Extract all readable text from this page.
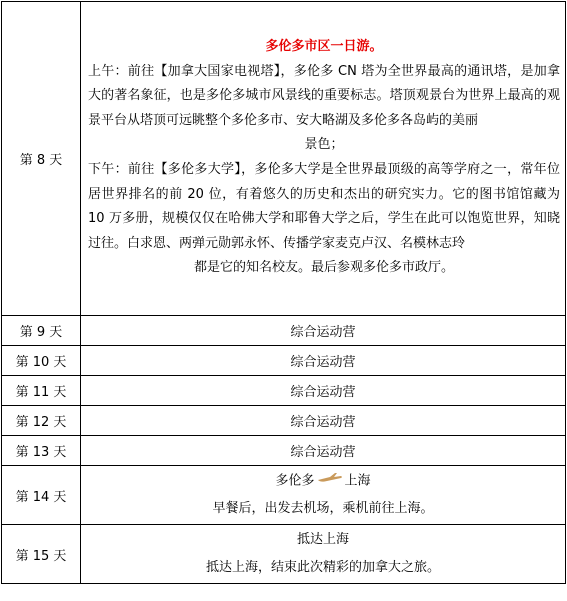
第 8 天	多伦多市区一日游。

上午：前往【加拿大国家电视塔】，多伦多 CN 塔为全世界最高的通讯塔，是加拿大的著名象征，也是多伦多城市风景线的重要标志。塔顶观景台为世界上最高的观景平台从塔顶可远眺整个多伦多市、安大略湖及多伦多各岛屿的美丽

景色；

下午：前往【多伦多大学】，多伦多大学是全世界最顶级的高等学府之一，常年位居世界排名的前 20 位，有着悠久的历史和杰出的研究实力。它的图书馆馆藏为 10 万多册，规模仅仅在哈佛大学和耶鲁大学之后，学生在此可以饱览世界，知晓过往。白求恩、两弹元勋郭永怀、传播学家麦克卢汉、名模林志玲

都是它的知名校友。最后参观多伦多市政厅。

第 9 天	综合运动营
第 10 天	综合运动营
第 11 天	综合运动营
第 12 天	综合运动营
第 13 天	综合运动营
第 14 天	多伦多 上海
早餐后，出发去机场，乘机前往上海。

第 15 天	抵达上海
抵达上海，结束此次精彩的加拿大之旅。
